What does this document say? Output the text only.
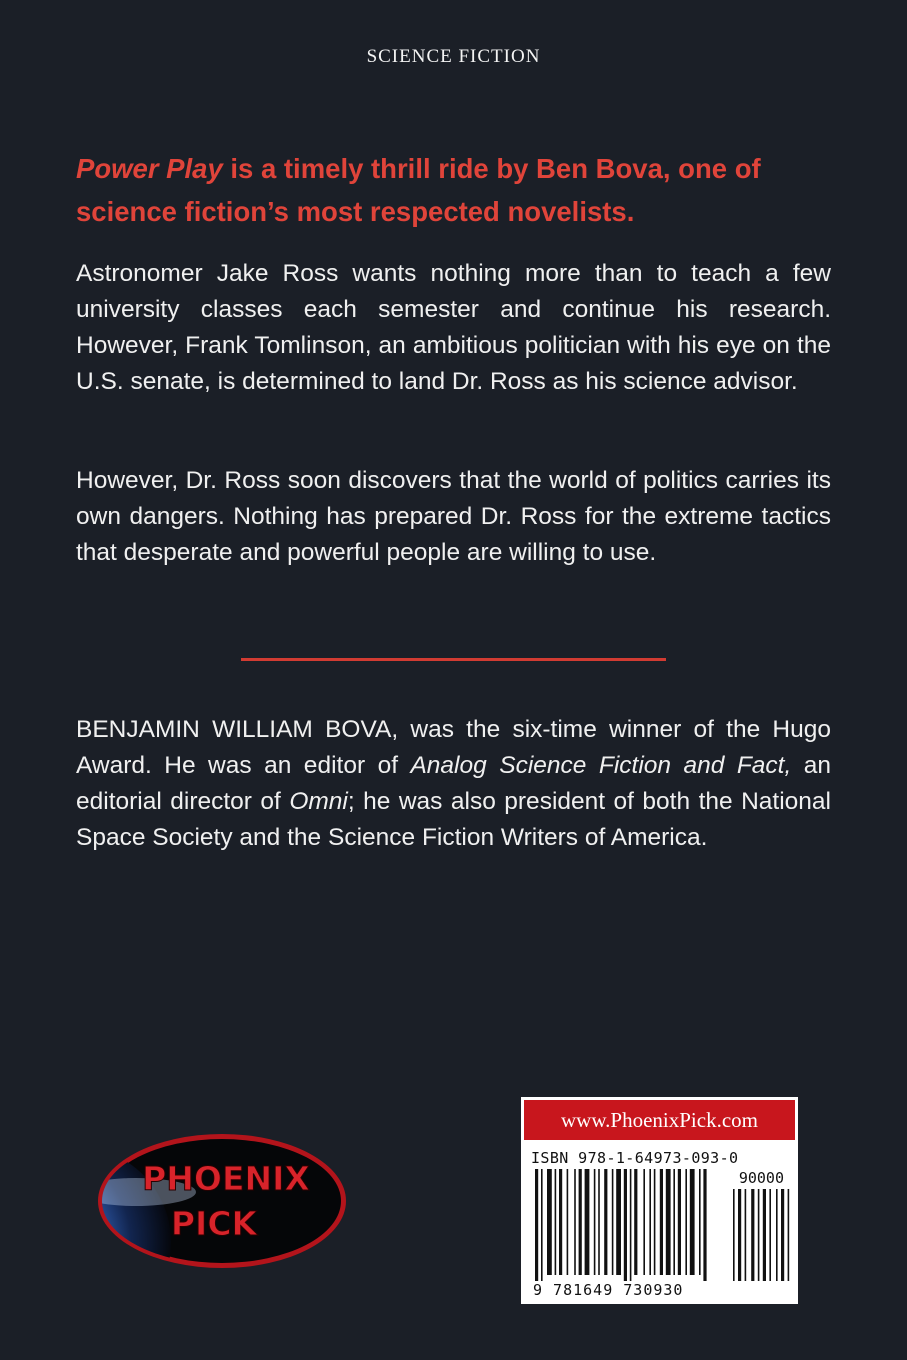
SCIENCE FICTION
Power Play is a timely thrill ride by Ben Bova, one of science fiction’s most respected novelists.

Astronomer Jake Ross wants nothing more than to teach a few university classes each semester and continue his research. However, Frank Tomlinson, an ambitious politician with his eye on the U.S. senate, is determined to land Dr. Ross as his science advisor.

However, Dr. Ross soon discovers that the world of politics carries its own dangers. Nothing has prepared Dr. Ross for the extreme tactics that desperate and powerful people are willing to use.

BENJAMIN WILLIAM BOVA, was the six-time winner of the Hugo Award. He was an editor of Analog Science Fiction and Fact, an editorial director of Omni; he was also president of both the National Space Society and the Science Fiction Writers of America.

PHOENIX
PICK
www.PhoenixPick.com
ISBN 978-1-64973-093-0
90000
9 781649 730930
